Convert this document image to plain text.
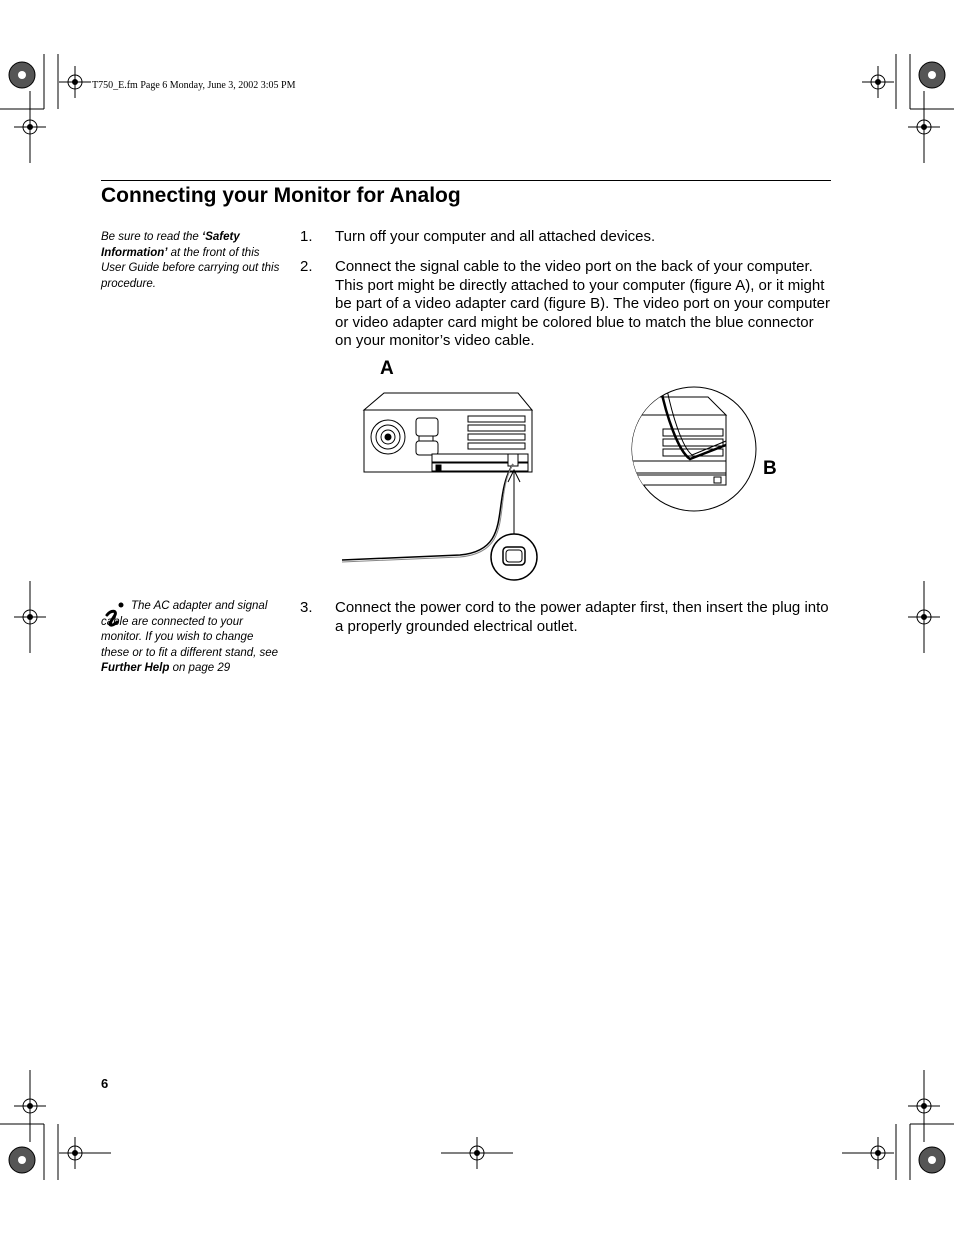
T750_E.fm Page 6 Monday, June 3, 2002 3:05 PM
Connecting your Monitor for Analog
Be sure to read the ‘Safety Information’ at the front of this User Guide before carrying out this procedure.
1. Turn off your computer and all attached devices.
2. Connect the signal cable to the video port on the back of your computer. This port might be directly attached to your computer (figure A), or it might be part of a video adapter card (figure B). The video port on your computer or video adapter card might be colored blue to match the blue connector on your monitor’s video cable.
A
B
The AC adapter and signal cable are connected to your monitor. If you wish to change these or to fit a different stand, see Further Help on page 29
3. Connect the power cord to the power adapter first, then insert the plug into a properly grounded electrical outlet.
6
